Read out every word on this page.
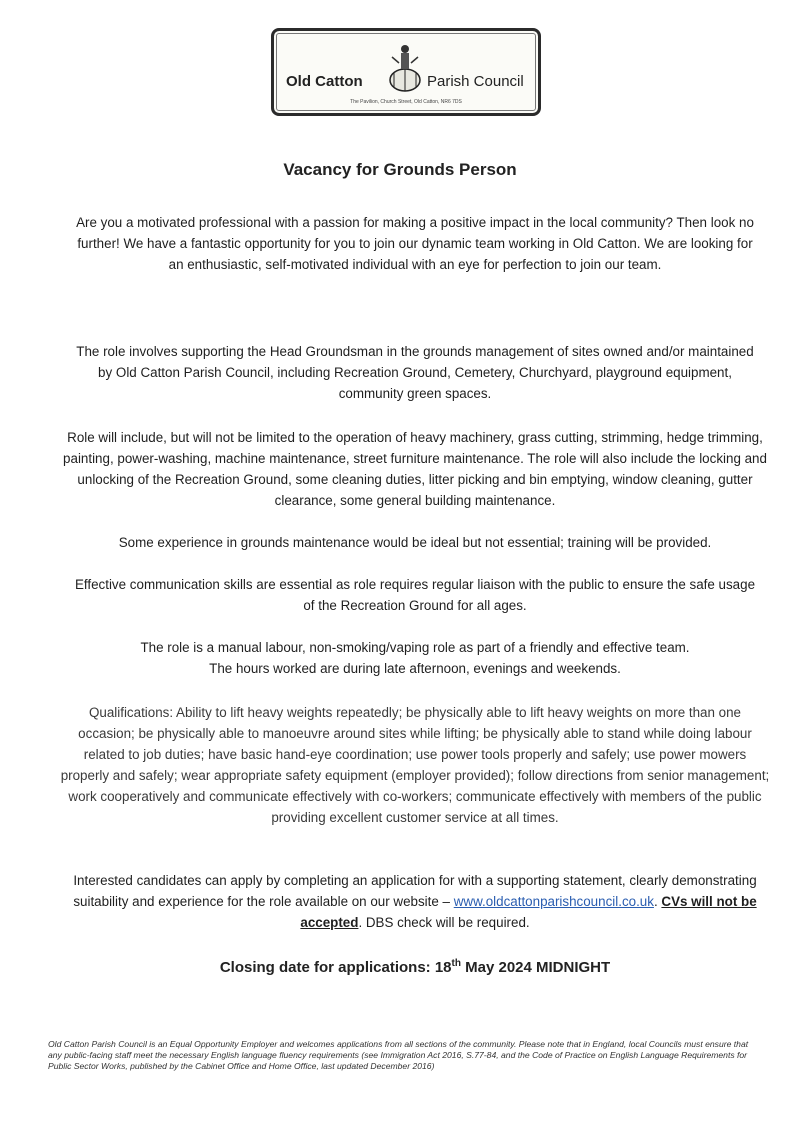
Old Catton	Parish Council
The Pavilion, Church Street, Old Catton, NR6 7DS
Vacancy for Grounds Person
Are you a motivated professional with a passion for making a positive impact in the local community? Then look no further! We have a fantastic opportunity for you to join our dynamic team working in Old Catton. We are looking for an enthusiastic, self-motivated individual with an eye for perfection to join our team.
The role involves supporting the Head Groundsman in the grounds management of sites owned and/or maintained by Old Catton Parish Council, including Recreation Ground, Cemetery, Churchyard, playground equipment, community green spaces.
Role will include, but will not be limited to the operation of heavy machinery, grass cutting, strimming, hedge trimming, painting, power-washing, machine maintenance, street furniture maintenance. The role will also include the locking and unlocking of the Recreation Ground, some cleaning duties, litter picking and bin emptying, window cleaning, gutter clearance, some general building maintenance.
Some experience in grounds maintenance would be ideal but not essential; training will be provided.
Effective communication skills are essential as role requires regular liaison with the public to ensure the safe usage of the Recreation Ground for all ages.
The role is a manual labour, non-smoking/vaping role as part of a friendly and effective team.
The hours worked are during late afternoon, evenings and weekends.
Qualifications: Ability to lift heavy weights repeatedly; be physically able to lift heavy weights on more than one occasion; be physically able to manoeuvre around sites while lifting; be physically able to stand while doing labour related to job duties; have basic hand-eye coordination; use power tools properly and safely; use power mowers properly and safely; wear appropriate safety equipment (employer provided); follow directions from senior management; work cooperatively and communicate effectively with co-workers; communicate effectively with members of the public providing excellent customer service at all times.
Interested candidates can apply by completing an application for with a supporting statement, clearly demonstrating suitability and experience for the role available on our website – www.oldcattonparishcouncil.co.uk. CVs will not be accepted. DBS check will be required.
Closing date for applications: 18th May 2024 MIDNIGHT
Old Catton Parish Council is an Equal Opportunity Employer and welcomes applications from all sections of the community. Please note that in England, local Councils must ensure that any public-facing staff meet the necessary English language fluency requirements (see Immigration Act 2016, S.77-84, and the Code of Practice on English Language Requirements for Public Sector Works, published by the Cabinet Office and Home Office, last updated December 2016)
